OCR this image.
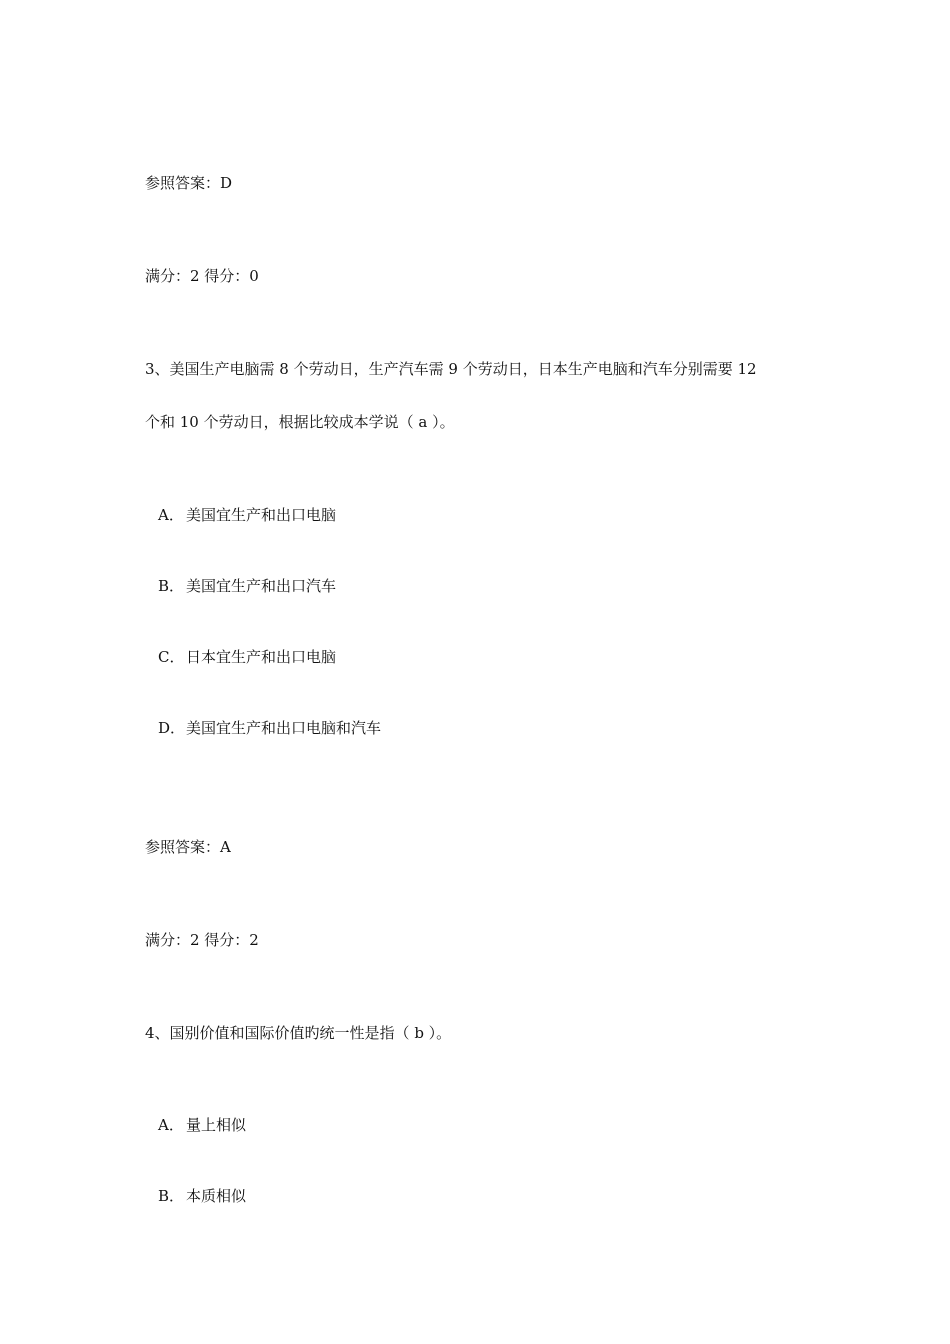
参照答案：D

满分：2 得分：0

3、美国生产电脑需 8 个劳动日，生产汽车需 9 个劳动日，日本生产电脑和汽车分别需要 12

个和 10 个劳动日，根据比较成本学说（ a ）。

A． 美国宜生产和出口电脑

B． 美国宜生产和出口汽车

C． 日本宜生产和出口电脑

D．美国宜生产和出口电脑和汽车

参照答案：A

满分：2 得分：2

4、国别价值和国际价值旳统一性是指（ b ）。

A． 量上相似

B． 本质相似
